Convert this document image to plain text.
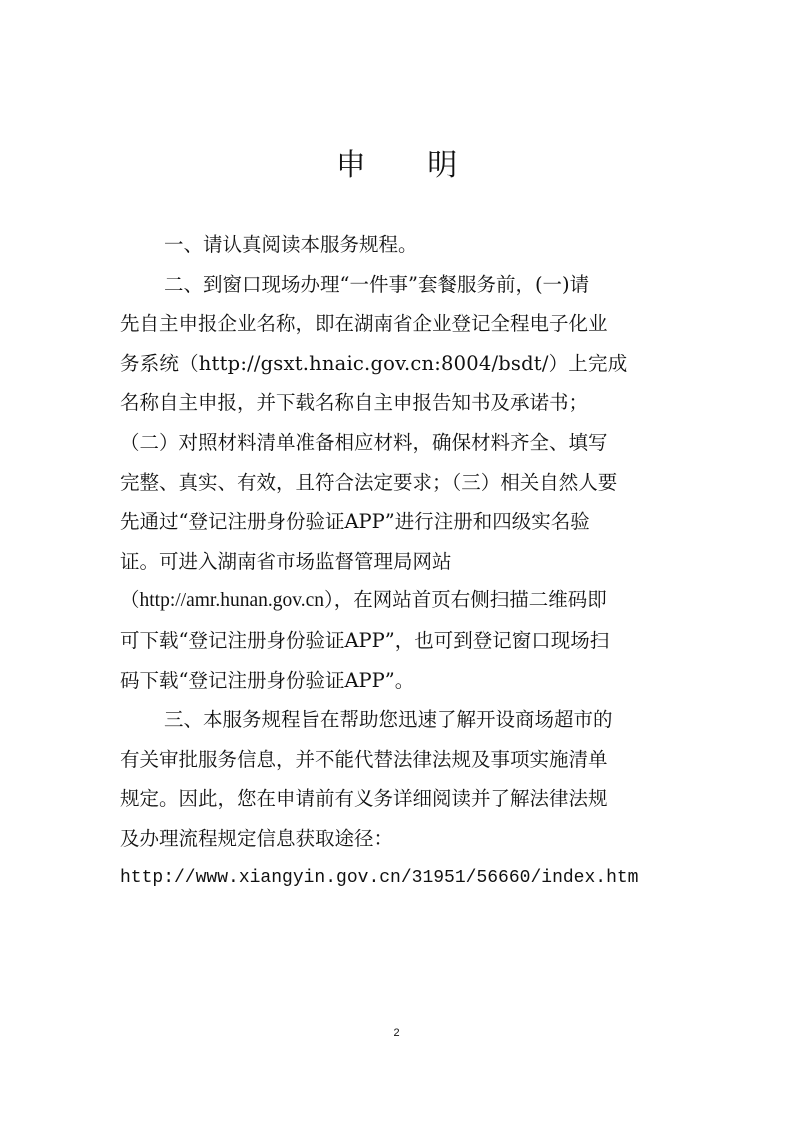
申 明
一、请认真阅读本服务规程。
二、到窗口现场办理“一件事”套餐服务前，(一)请
先自主申报企业名称，即在湖南省企业登记全程电子化业
务系统（http://gsxt.hnaic.gov.cn:8004/bsdt/）上完成
名称自主申报，并下载名称自主申报告知书及承诺书；
（二）对照材料清单准备相应材料，确保材料齐全、填写
完整、真实、有效，且符合法定要求；（三）相关自然人要
先通过“登记注册身份验证APP”进行注册和四级实名验
证。可进入湖南省市场监督管理局网站
（http://amr.hunan.gov.cn），在网站首页右侧扫描二维码即
可下载“登记注册身份验证APP”，也可到登记窗口现场扫
码下载“登记注册身份验证APP”。
三、本服务规程旨在帮助您迅速了解开设商场超市的
有关审批服务信息，并不能代替法律法规及事项实施清单
规定。因此，您在申请前有义务详细阅读并了解法律法规
及办理流程规定信息获取途径：
http://www.xiangyin.gov.cn/31951/56660/index.htm
2
